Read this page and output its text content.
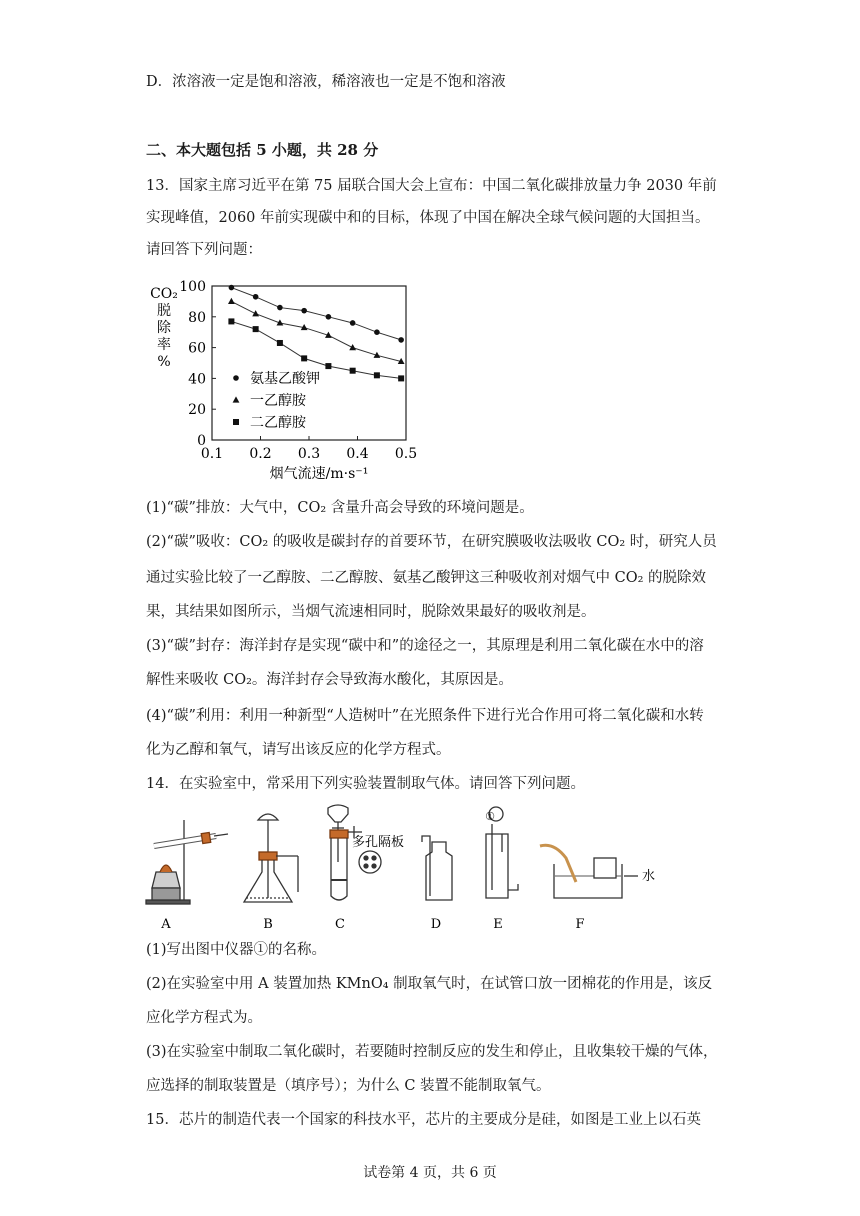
D．浓溶液一定是饱和溶液，稀溶液也一定是不饱和溶液
二、本大题包括 5 小题，共 28 分
13．国家主席习近平在第 75 届联合国大会上宣布：中国二氧化碳排放量力争 2030 年前
实现峰值，2060 年前实现碳中和的目标，体现了中国在解决全球气候问题的大国担当。
请回答下列问题：
0
20
40
60
80
100
0.1 0.2 0.3 0.4 0.5
CO₂
脱
除
率
%
烟气流速/m·s⁻¹
氨基乙酸钾
一乙醇胺
二乙醇胺
(1)“碳”排放：大气中，CO₂ 含量升高会导致的环境问题是。
(2)“碳”吸收：CO₂ 的吸收是碳封存的首要环节，在研究膜吸收法吸收 CO₂ 时，研究人员
通过实验比较了一乙醇胺、二乙醇胺、氨基乙酸钾这三种吸收剂对烟气中 CO₂ 的脱除效
果，其结果如图所示，当烟气流速相同时，脱除效果最好的吸收剂是。
(3)“碳”封存：海洋封存是实现“碳中和”的途径之一，其原理是利用二氧化碳在水中的溶
解性来吸收 CO₂。海洋封存会导致海水酸化，其原因是。
(4)“碳”利用：利用一种新型“人造树叶”在光照条件下进行光合作用可将二氧化碳和水转
化为乙醇和氧气，请写出该反应的化学方程式。
14．在实验室中，常采用下列实验装置制取气体。请回答下列问题。
A	B	C	D	E	F
多孔隔板
①
水
(1)写出图中仪器①的名称。
(2)在实验室中用 A 装置加热 KMnO₄ 制取氧气时，在试管口放一团棉花的作用是，该反
应化学方程式为。
(3)在实验室中制取二氧化碳时，若要随时控制反应的发生和停止，且收集较干燥的气体，
应选择的制取装置是（填序号）；为什么 C 装置不能制取氧气。
15．芯片的制造代表一个国家的科技水平，芯片的主要成分是硅，如图是工业上以石英
试卷第 4 页，共 6 页
